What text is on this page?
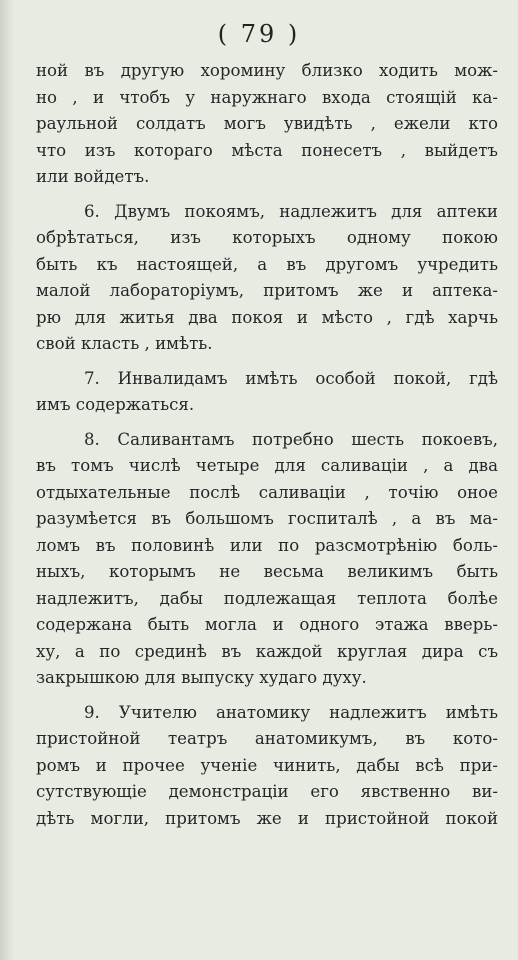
( 79 )
ной въ другую хоромину близко ходить мож-
но , и чтобъ у наружнаго входа стоящій ка-
раульной солдатъ могъ увидѣть , ежели кто
что изъ котораго мѣста понесетъ , выйдетъ
или войдетъ.
6. Двумъ покоямъ, надлежитъ для аптеки
обрѣтаться, изъ которыхъ одному покою
быть къ настоящей, а въ другомъ учредить
малой лабораторіумъ, притомъ же и аптека-
рю для житья два покоя и мѣсто , гдѣ харчь
свой класть , имѣть.
7. Инвалидамъ имѣть особой покой, гдѣ
имъ содержаться.
8. Саливантамъ потребно шесть покоевъ,
въ томъ числѣ четыре для саливаціи , а два
отдыхательные послѣ саливаціи , точію оное
разумѣется въ большомъ госпиталѣ , а въ ма-
ломъ въ половинѣ или по разсмотрѣнію боль-
ныхъ, которымъ не весьма великимъ быть
надлежитъ, дабы подлежащая теплота болѣе
содержана быть могла и одного этажа вверь-
ху, а по срединѣ въ каждой круглая дира съ
закрышкою для выпуску худаго духу.
9. Учителю анатомику надлежитъ имѣть
пристойной театръ анатомикумъ, въ кото-
ромъ и прочее ученіе чинить, дабы всѣ при-
сутствующіе демонстраціи его явственно ви-
дѣть могли, притомъ же и пристойной покой
